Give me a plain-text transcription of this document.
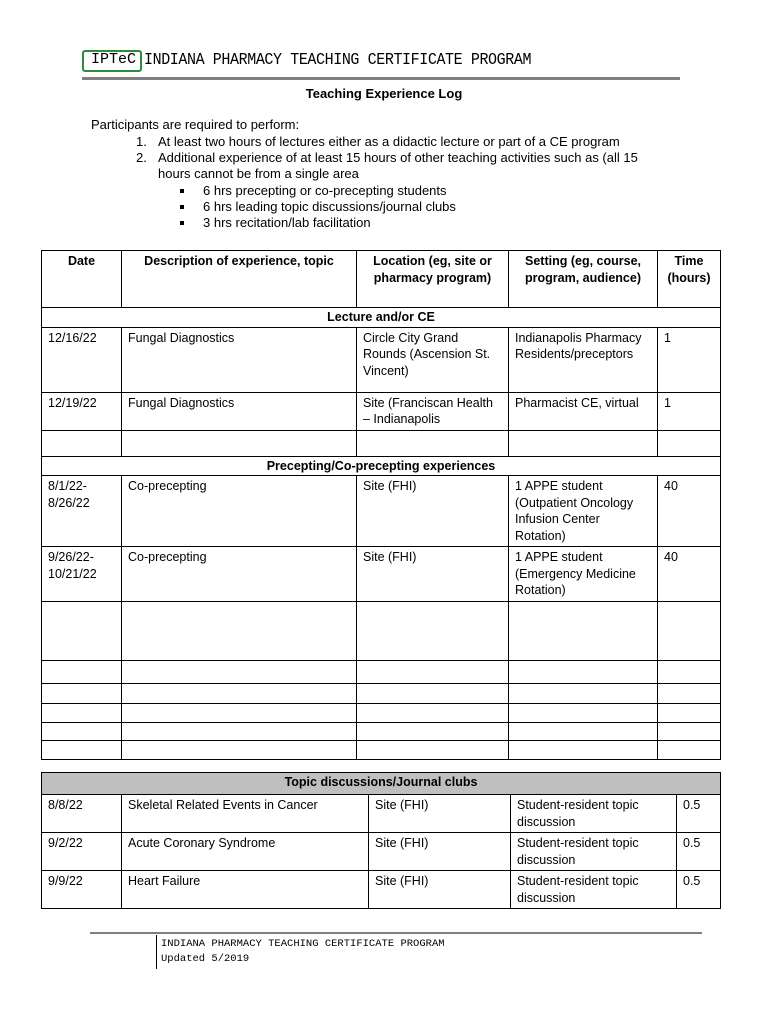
IPTeC INDIANA PHARMACY TEACHING CERTIFICATE PROGRAM
Teaching Experience Log
Participants are required to perform:
1. At least two hours of lectures either as a didactic lecture or part of a CE program
2. Additional experience of at least 15 hours of other teaching activities such as (all 15
hours cannot be from a single area
6 hrs precepting or co-precepting students
6 hrs leading topic discussions/journal clubs
3 hrs recitation/lab facilitation
Date	Description of experience, topic	Location (eg, site or pharmacy program)	Setting (eg, course, program, audience)	Time (hours)
Lecture and/or CE				
12/16/22	Fungal Diagnostics	Circle City Grand Rounds (Ascension St. Vincent)	Indianapolis Pharmacy Residents/preceptors	1
12/19/22	Fungal Diagnostics	Site (Franciscan Health – Indianapolis	Pharmacist CE, virtual	1

Precepting/Co-precepting experiences				
8/1/22-8/26/22	Co-precepting	Site (FHI)	1 APPE student (Outpatient Oncology Infusion Center Rotation)	40
9/26/22-10/21/22	Co-precepting	Site (FHI)	1 APPE student (Emergency Medicine Rotation)	40

Topic discussions/Journal clubs				
8/8/22	Skeletal Related Events in Cancer	Site (FHI)	Student-resident topic discussion	0.5
9/2/22	Acute Coronary Syndrome	Site (FHI)	Student-resident topic discussion	0.5
9/9/22	Heart Failure	Site (FHI)	Student-resident topic discussion	0.5
INDIANA PHARMACY TEACHING CERTIFICATE PROGRAM
Updated 5/2019
